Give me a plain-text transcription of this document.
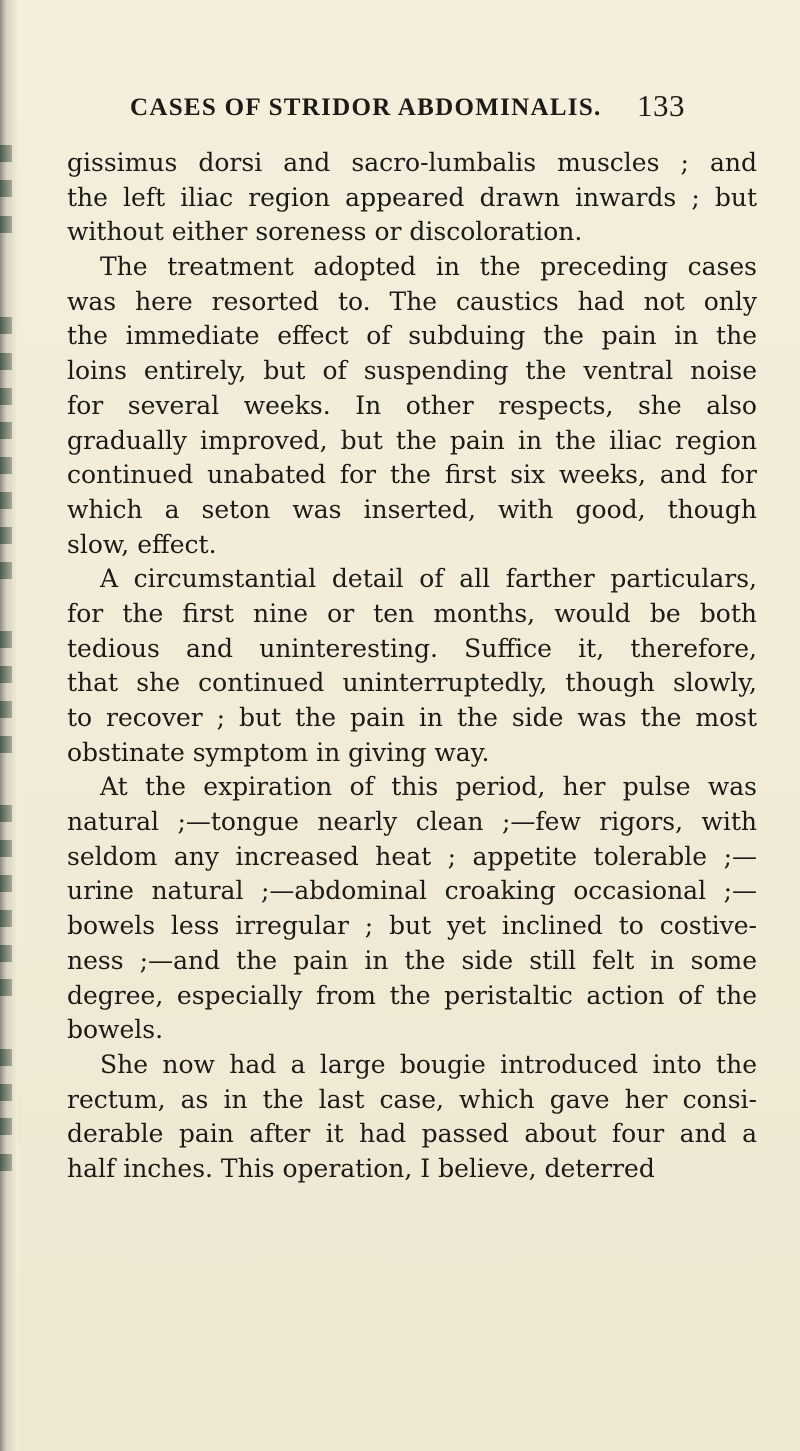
CASES OF STRIDOR ABDOMINALIS. 133
gissimus dorsi and sacro-lumbalis muscles ; and
the left iliac region appeared drawn inwards ; but
without either soreness or discoloration.
The treatment adopted in the preceding cases
was here resorted to. The caustics had not only
the immediate effect of subduing the pain in the
loins entirely, but of suspending the ventral noise
for several weeks. In other respects, she also
gradually improved, but the pain in the iliac region
continued unabated for the first six weeks, and for
which a seton was inserted, with good, though
slow, effect.
A circumstantial detail of all farther particulars,
for the first nine or ten months, would be both
tedious and uninteresting. Suffice it, therefore,
that she continued uninterruptedly, though slowly,
to recover ; but the pain in the side was the most
obstinate symptom in giving way.
At the expiration of this period, her pulse was
natural ;—tongue nearly clean ;—few rigors, with
seldom any increased heat ; appetite tolerable ;—
urine natural ;—abdominal croaking occasional ;—
bowels less irregular ; but yet inclined to costive-
ness ;—and the pain in the side still felt in some
degree, especially from the peristaltic action of the
bowels.
She now had a large bougie introduced into the
rectum, as in the last case, which gave her consi-
derable pain after it had passed about four and a
half inches. This operation, I believe, deterred
